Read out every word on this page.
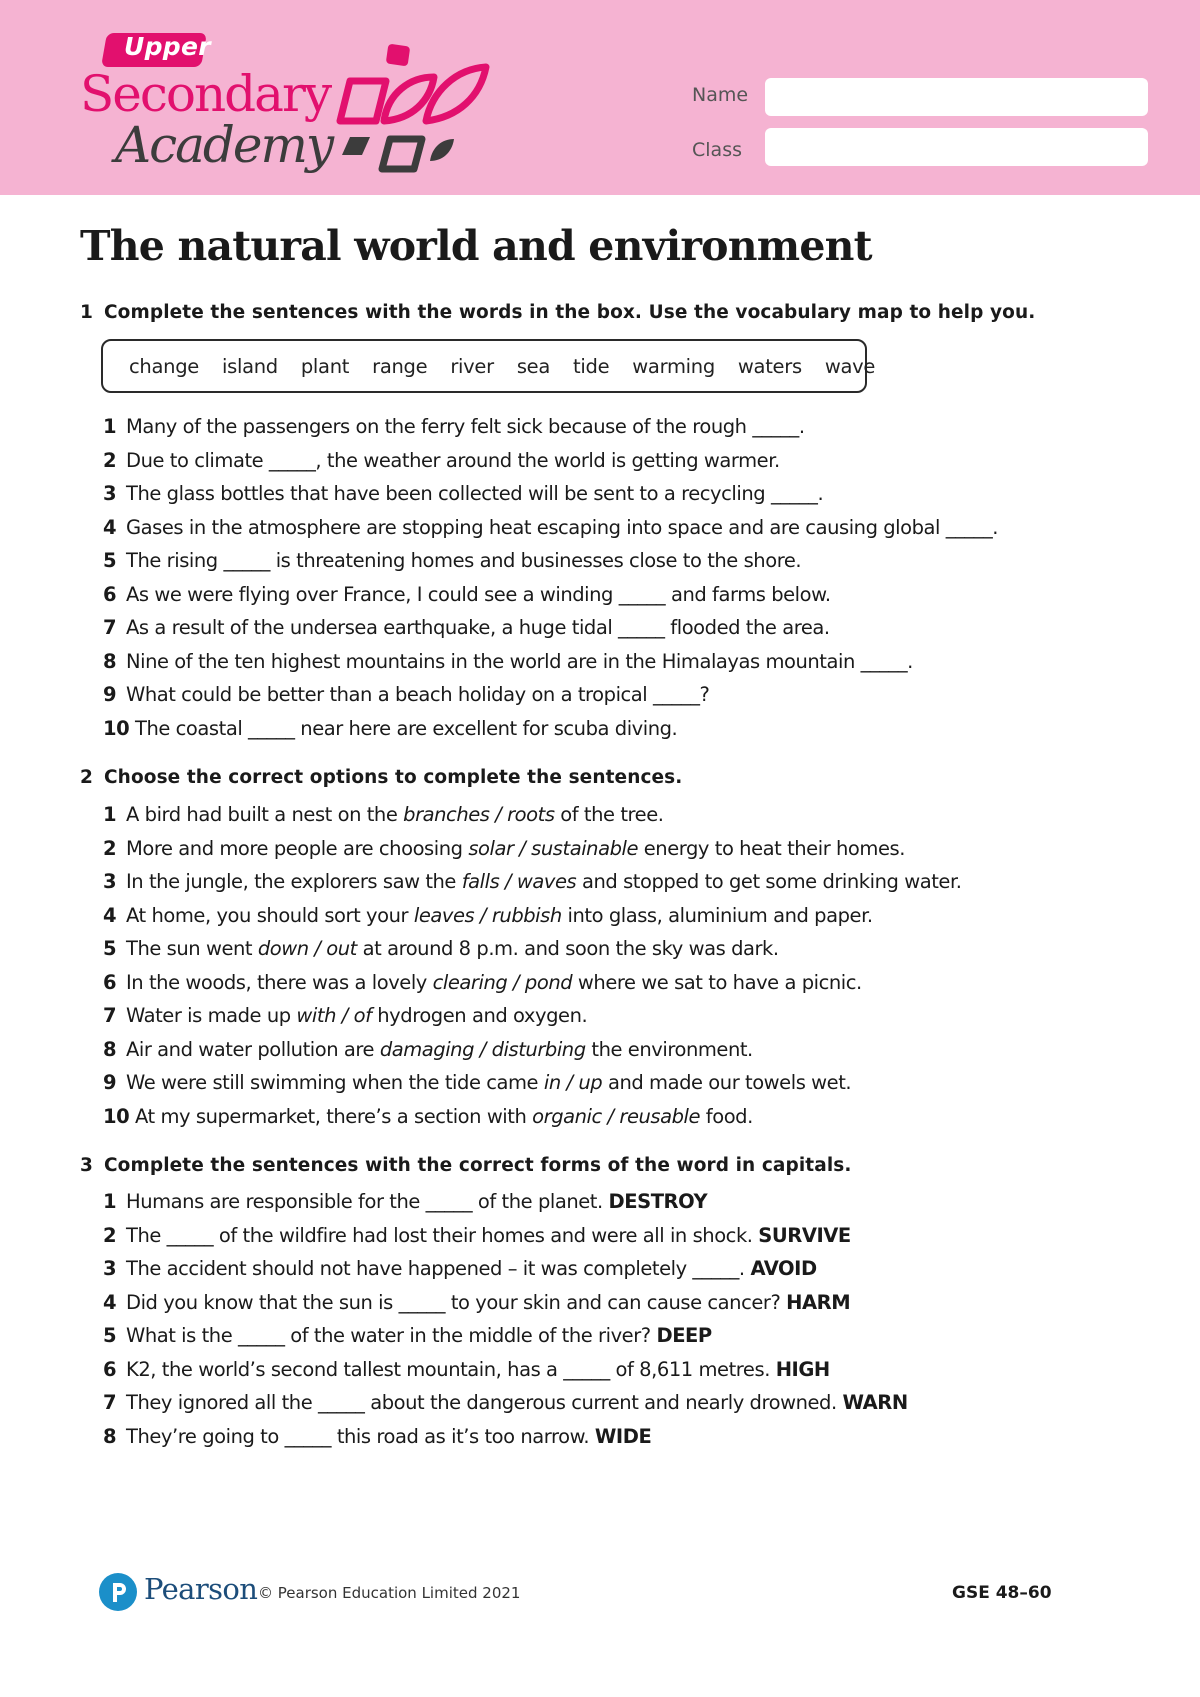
Upper
Secondary
Academy
Name
Class
The natural world and environment
1 Complete the sentences with the words in the box. Use the vocabulary map to help you.
change island plant range river sea tide warming waters wave
1 Many of the passengers on the ferry felt sick because of the rough _____.
2 Due to climate _____, the weather around the world is getting warmer.
3 The glass bottles that have been collected will be sent to a recycling _____.
4 Gases in the atmosphere are stopping heat escaping into space and are causing global _____.
5 The rising _____ is threatening homes and businesses close to the shore.
6 As we were flying over France, I could see a winding _____ and farms below.
7 As a result of the undersea earthquake, a huge tidal _____ flooded the area.
8 Nine of the ten highest mountains in the world are in the Himalayas mountain _____.
9 What could be better than a beach holiday on a tropical _____?
10 The coastal _____ near here are excellent for scuba diving.
2 Choose the correct options to complete the sentences.
1 A bird had built a nest on the branches / roots of the tree.
2 More and more people are choosing solar / sustainable energy to heat their homes.
3 In the jungle, the explorers saw the falls / waves and stopped to get some drinking water.
4 At home, you should sort your leaves / rubbish into glass, aluminium and paper.
5 The sun went down / out at around 8 p.m. and soon the sky was dark.
6 In the woods, there was a lovely clearing / pond where we sat to have a picnic.
7 Water is made up with / of hydrogen and oxygen.
8 Air and water pollution are damaging / disturbing the environment.
9 We were still swimming when the tide came in / up and made our towels wet.
10 At my supermarket, there’s a section with organic / reusable food.
3 Complete the sentences with the correct forms of the word in capitals.
1 Humans are responsible for the _____ of the planet. DESTROY
2 The _____ of the wildfire had lost their homes and were all in shock. SURVIVE
3 The accident should not have happened – it was completely _____. AVOID
4 Did you know that the sun is _____ to your skin and can cause cancer? HARM
5 What is the _____ of the water in the middle of the river? DEEP
6 K2, the world’s second tallest mountain, has a _____ of 8,611 metres. HIGH
7 They ignored all the _____ about the dangerous current and nearly drowned. WARN
8 They’re going to _____ this road as it’s too narrow. WIDE
Pearson © Pearson Education Limited 2021	GSE 48–60
